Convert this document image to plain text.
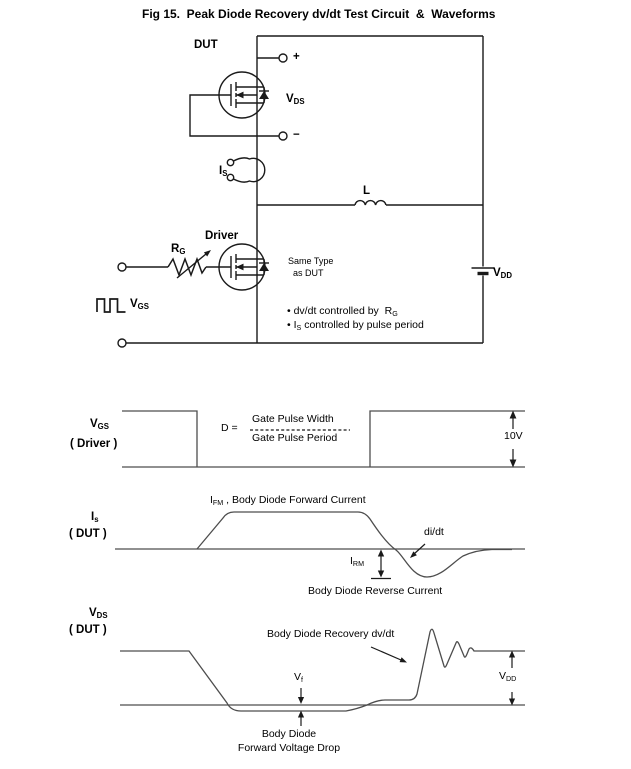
Fig 15.  Peak Diode Recovery dv/dt Test Circuit  &  Waveforms
DUT
+
$V_{DS}$
−
$I_S$
L
Driver
$R_G$
$V_{GS}$
Same Type
as DUT
• dv/dt controlled by  $R_G$
• $I_S$ controlled by pulse period
$V_{DD}$
$V_{GS}$
( Driver )
D =
Gate Pulse Width
Gate Pulse Period	10V
$I_s$
( DUT )
$I_{FM}$ , Body Diode Forward Current
di/dt
$I_{RM}$
Body Diode Reverse Current
$V_{DS}$
( DUT )	Body Diode Recovery dv/dt
$V_f$	$V_{DD}$
Body Diode
Forward Voltage Drop
